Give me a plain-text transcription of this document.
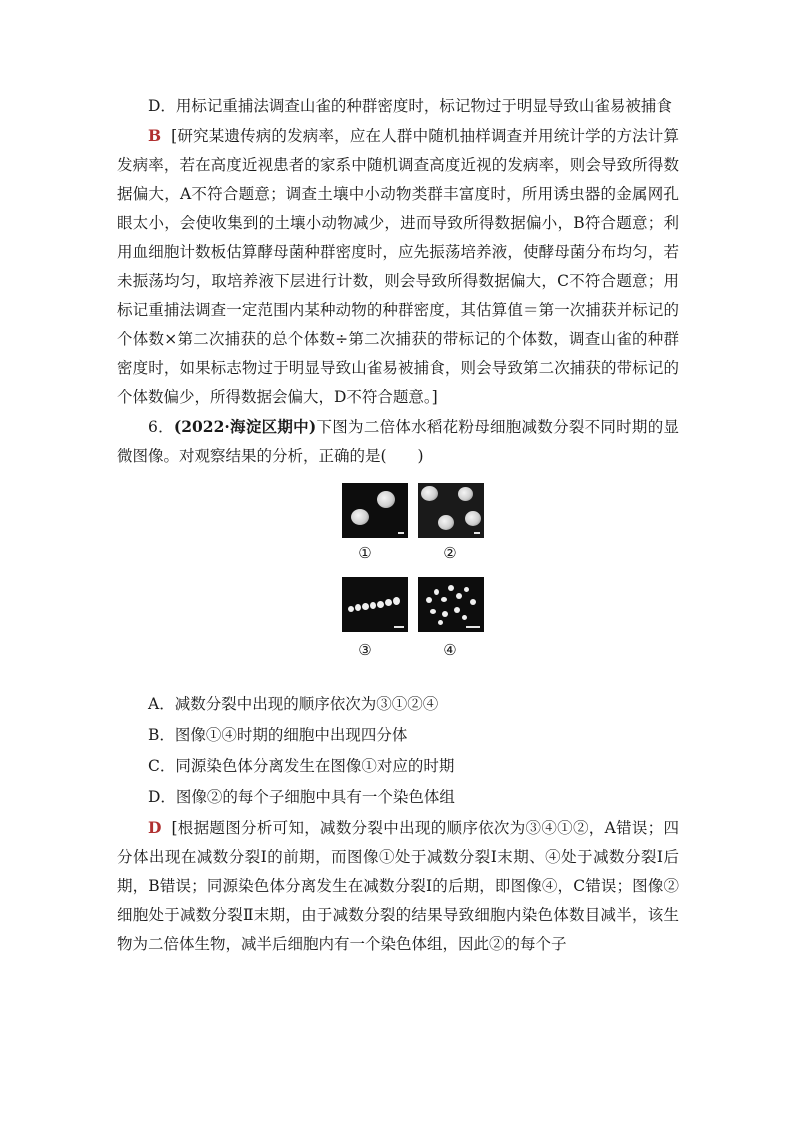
D．用标记重捕法调查山雀的种群密度时，标记物过于明显导致山雀易被捕食

B [研究某遗传病的发病率，应在人群中随机抽样调查并用统计学的方法计算发病率，若在高度近视患者的家系中随机调查高度近视的发病率，则会导致所得数据偏大，A不符合题意；调查土壤中小动物类群丰富度时，所用诱虫器的金属网孔眼太小，会使收集到的土壤小动物减少，进而导致所得数据偏小，B符合题意；利用血细胞计数板估算酵母菌种群密度时，应先振荡培养液，使酵母菌分布均匀，若未振荡均匀，取培养液下层进行计数，则会导致所得数据偏大，C不符合题意；用标记重捕法调查一定范围内某种动物的种群密度，其估算值＝第一次捕获并标记的个体数×第二次捕获的总个体数÷第二次捕获的带标记的个体数，调查山雀的种群密度时，如果标志物过于明显导致山雀易被捕食，则会导致第二次捕获的带标记的个体数偏少，所得数据会偏大，D不符合题意。]

6．(2022·海淀区期中)下图为二倍体水稻花粉母细胞减数分裂不同时期的显微图像。对观察结果的分析，正确的是(　　)

①	②
③	④

A．减数分裂中出现的顺序依次为③①②④

B．图像①④时期的细胞中出现四分体

C．同源染色体分离发生在图像①对应的时期

D．图像②的每个子细胞中具有一个染色体组

D [根据题图分析可知，减数分裂中出现的顺序依次为③④①②，A错误；四分体出现在减数分裂Ⅰ的前期，而图像①处于减数分裂Ⅰ末期、④处于减数分裂Ⅰ后期，B错误；同源染色体分离发生在减数分裂Ⅰ的后期，即图像④，C错误；图像②细胞处于减数分裂Ⅱ末期，由于减数分裂的结果导致细胞内染色体数目减半，该生物为二倍体生物，减半后细胞内有一个染色体组，因此②的每个子
